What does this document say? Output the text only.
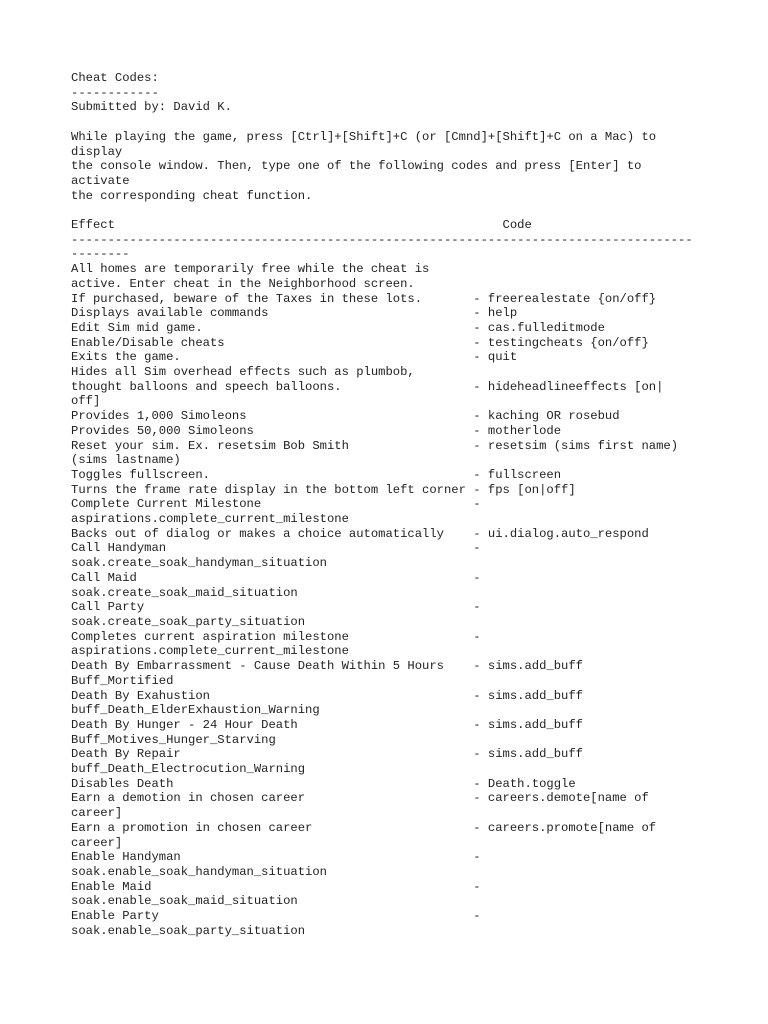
Cheat Codes:
------------
Submitted by: David K.
While playing the game, press [Ctrl]+[Shift]+C (or [Cmnd]+[Shift]+C on a Mac) to
display
the console window. Then, type one of the following codes and press [Enter] to
activate
the corresponding cheat function.
Effect                                                     Code
-------------------------------------------------------------------------------------
--------
All homes are temporarily free while the cheat is
active. Enter cheat in the Neighborhood screen.
If purchased, beware of the Taxes in these lots.       - freerealestate {on/off}
Displays available commands                            - help
Edit Sim mid game.                                     - cas.fulleditmode
Enable/Disable cheats                                  - testingcheats {on/off}
Exits the game.                                        - quit
Hides all Sim overhead effects such as plumbob,
thought balloons and speech balloons.                  - hideheadlineeffects [on|
off]
Provides 1,000 Simoleons                               - kaching OR rosebud
Provides 50,000 Simoleons                              - motherlode
Reset your sim. Ex. resetsim Bob Smith                 - resetsim (sims first name)
(sims lastname)
Toggles fullscreen.                                    - fullscreen
Turns the frame rate display in the bottom left corner - fps [on|off]
Complete Current Milestone                             -
aspirations.complete_current_milestone
Backs out of dialog or makes a choice automatically    - ui.dialog.auto_respond
Call Handyman                                          -
soak.create_soak_handyman_situation
Call Maid                                              -
soak.create_soak_maid_situation
Call Party                                             -
soak.create_soak_party_situation
Completes current aspiration milestone                 -
aspirations.complete_current_milestone
Death By Embarrassment - Cause Death Within 5 Hours    - sims.add_buff
Buff_Mortified
Death By Exahustion                                    - sims.add_buff
buff_Death_ElderExhaustion_Warning
Death By Hunger - 24 Hour Death                        - sims.add_buff
Buff_Motives_Hunger_Starving
Death By Repair                                        - sims.add_buff
buff_Death_Electrocution_Warning
Disables Death                                         - Death.toggle
Earn a demotion in chosen career                       - careers.demote[name of
career]
Earn a promotion in chosen career                      - careers.promote[name of
career]
Enable Handyman                                        -
soak.enable_soak_handyman_situation
Enable Maid                                            -
soak.enable_soak_maid_situation
Enable Party                                           -
soak.enable_soak_party_situation
